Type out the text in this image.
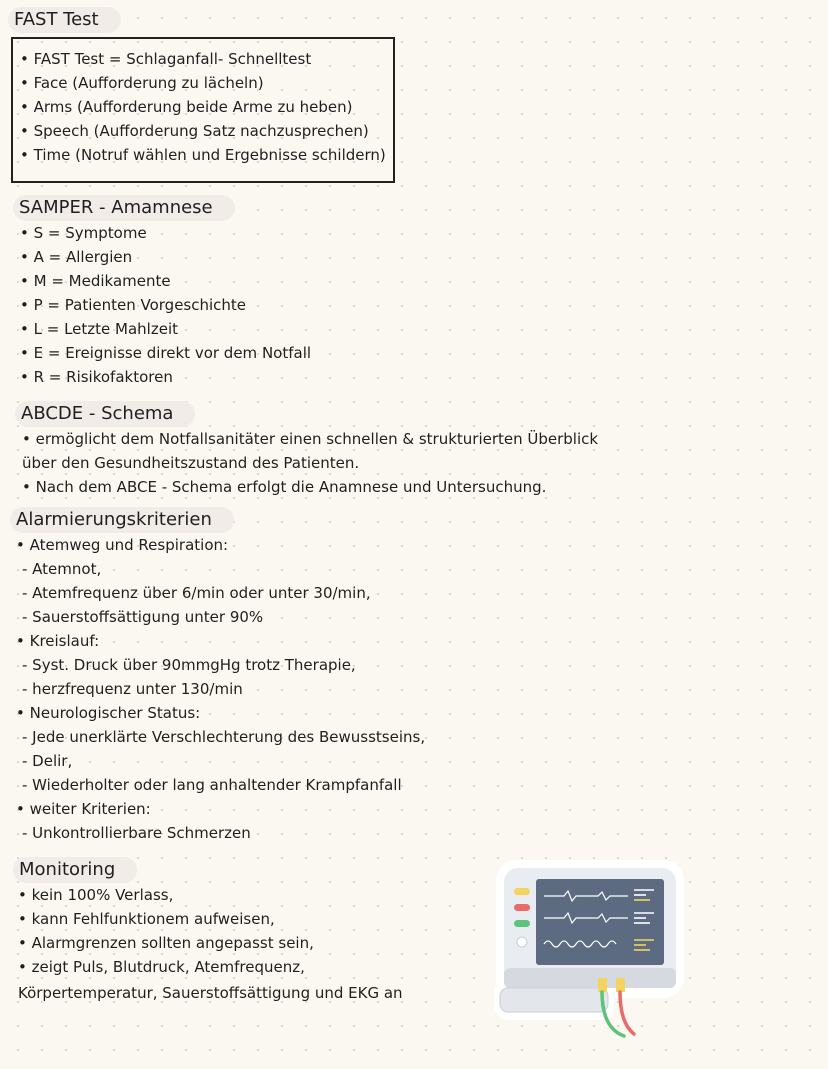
FAST Test
• FAST Test = Schlaganfall- Schnelltest
• Face (Aufforderung zu lächeln)
• Arms (Aufforderung beide Arme zu heben)
• Speech (Aufforderung Satz nachzusprechen)
• Time (Notruf wählen und Ergebnisse schildern)
SAMPER - Amamnese
• S = Symptome
• A = Allergien
• M = Medikamente
• P = Patienten Vorgeschichte
• L = Letzte Mahlzeit
• E = Ereignisse direkt vor dem Notfall
• R = Risikofaktoren
ABCDE - Schema
• ermöglicht dem Notfallsanitäter einen schnellen & strukturierten Überblick
über den Gesundheitszustand des Patienten.
• Nach dem ABCE - Schema erfolgt die Anamnese und Untersuchung.
Alarmierungskriterien
• Atemweg und Respiration:
- Atemnot,
- Atemfrequenz über 6/min oder unter 30/min,
- Sauerstoffsättigung unter 90%
• Kreislauf:
- Syst. Druck über 90mmgHg trotz Therapie,
- herzfrequenz unter 130/min
• Neurologischer Status:
- Jede unerklärte Verschlechterung des Bewusstseins,
- Delir,
- Wiederholter oder lang anhaltender Krampfanfall
• weiter Kriterien:
- Unkontrollierbare Schmerzen
Monitoring
• kein 100% Verlass,
• kann Fehlfunktionem aufweisen,
• Alarmgrenzen sollten angepasst sein,
• zeigt Puls, Blutdruck, Atemfrequenz,
Körpertemperatur, Sauerstoffsättigung und EKG an
